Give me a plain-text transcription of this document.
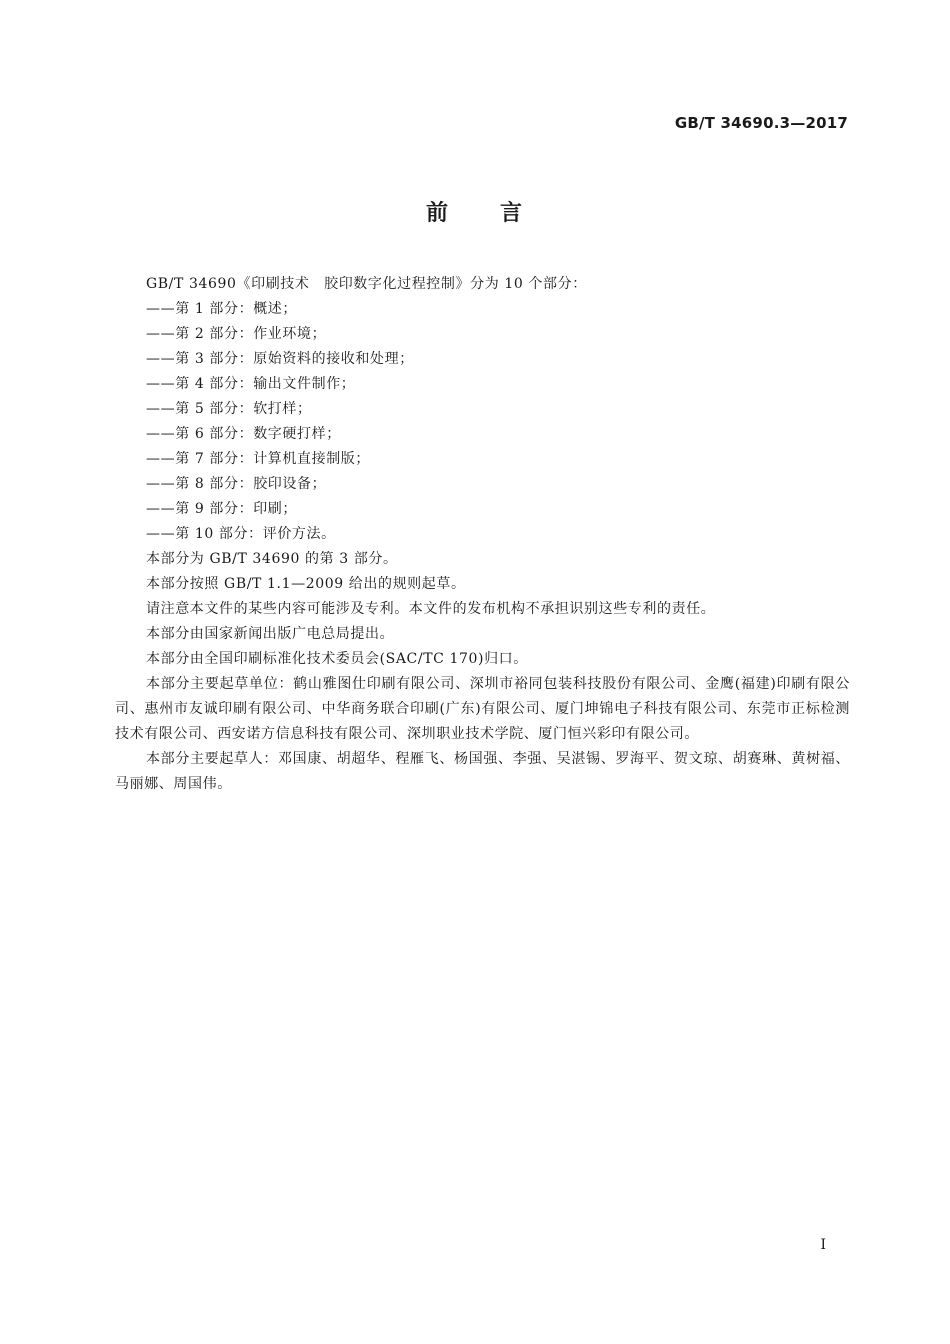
GB/T 34690.3—2017
前 言

GB/T 34690《印刷技术　胶印数字化过程控制》分为 10 个部分：

——第 1 部分：概述；
——第 2 部分：作业环境；
——第 3 部分：原始资料的接收和处理；
——第 4 部分：输出文件制作；
——第 5 部分：软打样；
——第 6 部分：数字硬打样；
——第 7 部分：计算机直接制版；
——第 8 部分：胶印设备；
——第 9 部分：印刷；
——第 10 部分：评价方法。

本部分为 GB/T 34690 的第 3 部分。

本部分按照 GB/T 1.1—2009 给出的规则起草。

请注意本文件的某些内容可能涉及专利。本文件的发布机构不承担识别这些专利的责任。

本部分由国家新闻出版广电总局提出。

本部分由全国印刷标准化技术委员会(SAC/TC 170)归口。

本部分主要起草单位：鹤山雅图仕印刷有限公司、深圳市裕同包装科技股份有限公司、金鹰(福建)印刷有限公司、惠州市友诚印刷有限公司、中华商务联合印刷(广东)有限公司、厦门坤锦电子科技有限公司、东莞市正标检测技术有限公司、西安诺方信息科技有限公司、深圳职业技术学院、厦门恒兴彩印有限公司。

本部分主要起草人：邓国康、胡超华、程雁飞、杨国强、李强、吴湛锡、罗海平、贺文琼、胡赛琳、黄树福、马丽娜、周国伟。

I
